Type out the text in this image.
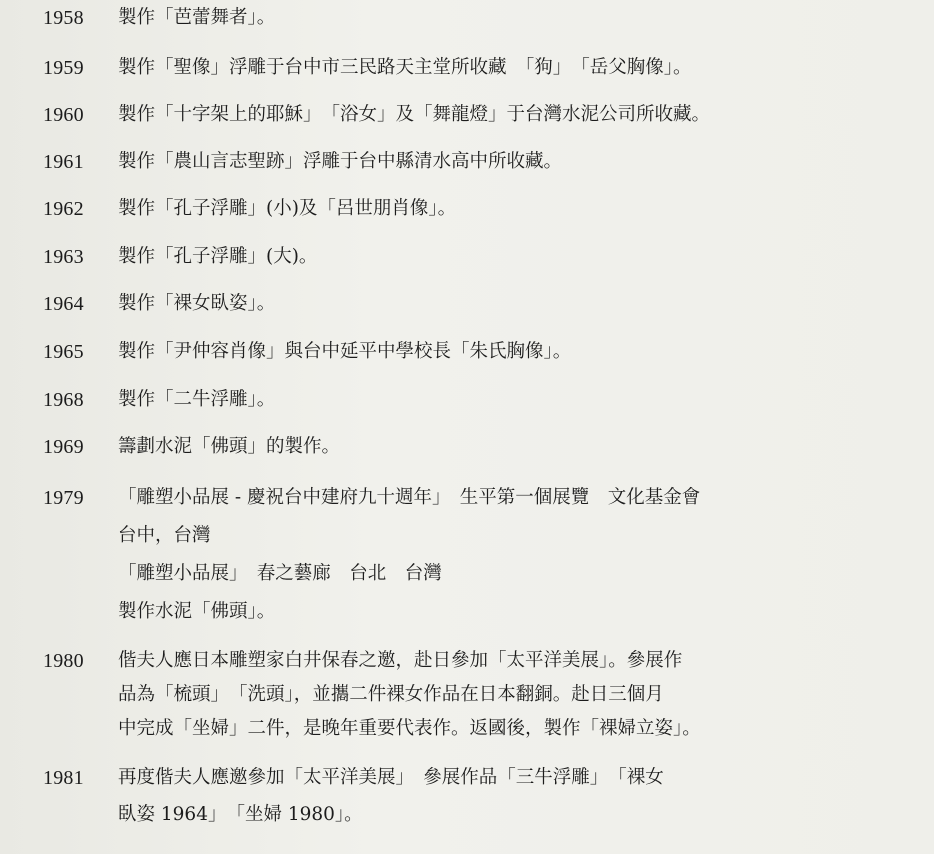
1958 製作「芭蕾舞者」。
1959 製作「聖像」浮雕于台中市三民路天主堂所收藏　「狗」　「岳父胸像」。
1960 製作「十字架上的耶穌」　「浴女」及「舞龍燈」于台灣水泥公司所收藏。
1961 製作「農山言志聖跡」浮雕于台中縣清水高中所收藏。
1962 製作「孔子浮雕」(小)及「呂世朋肖像」。
1963 製作「孔子浮雕」(大)。
1964 製作「裸女臥姿」。
1965 製作「尹仲容肖像」與台中延平中學校長「朱氏胸像」。
1968 製作「二牛浮雕」。
1969 籌劃水泥「佛頭」的製作。
1979 「雕塑小品展 - 慶祝台中建府九十週年」　生平第一個展覽　文化基金會
台中，台灣
「雕塑小品展」　春之藝廊　台北　台灣
製作水泥「佛頭」。
1980 偕夫人應日本雕塑家白井保春之邀，赴日參加「太平洋美展」。參展作
品為「梳頭」　「洗頭」，並攜二件裸女作品在日本翻銅。赴日三個月
中完成「坐婦」二件，是晚年重要代表作。返國後，製作「裸婦立姿」。
1981 再度偕夫人應邀參加「太平洋美展」　參展作品「三牛浮雕」　「裸女
臥姿 1964」　「坐婦 1980」。
